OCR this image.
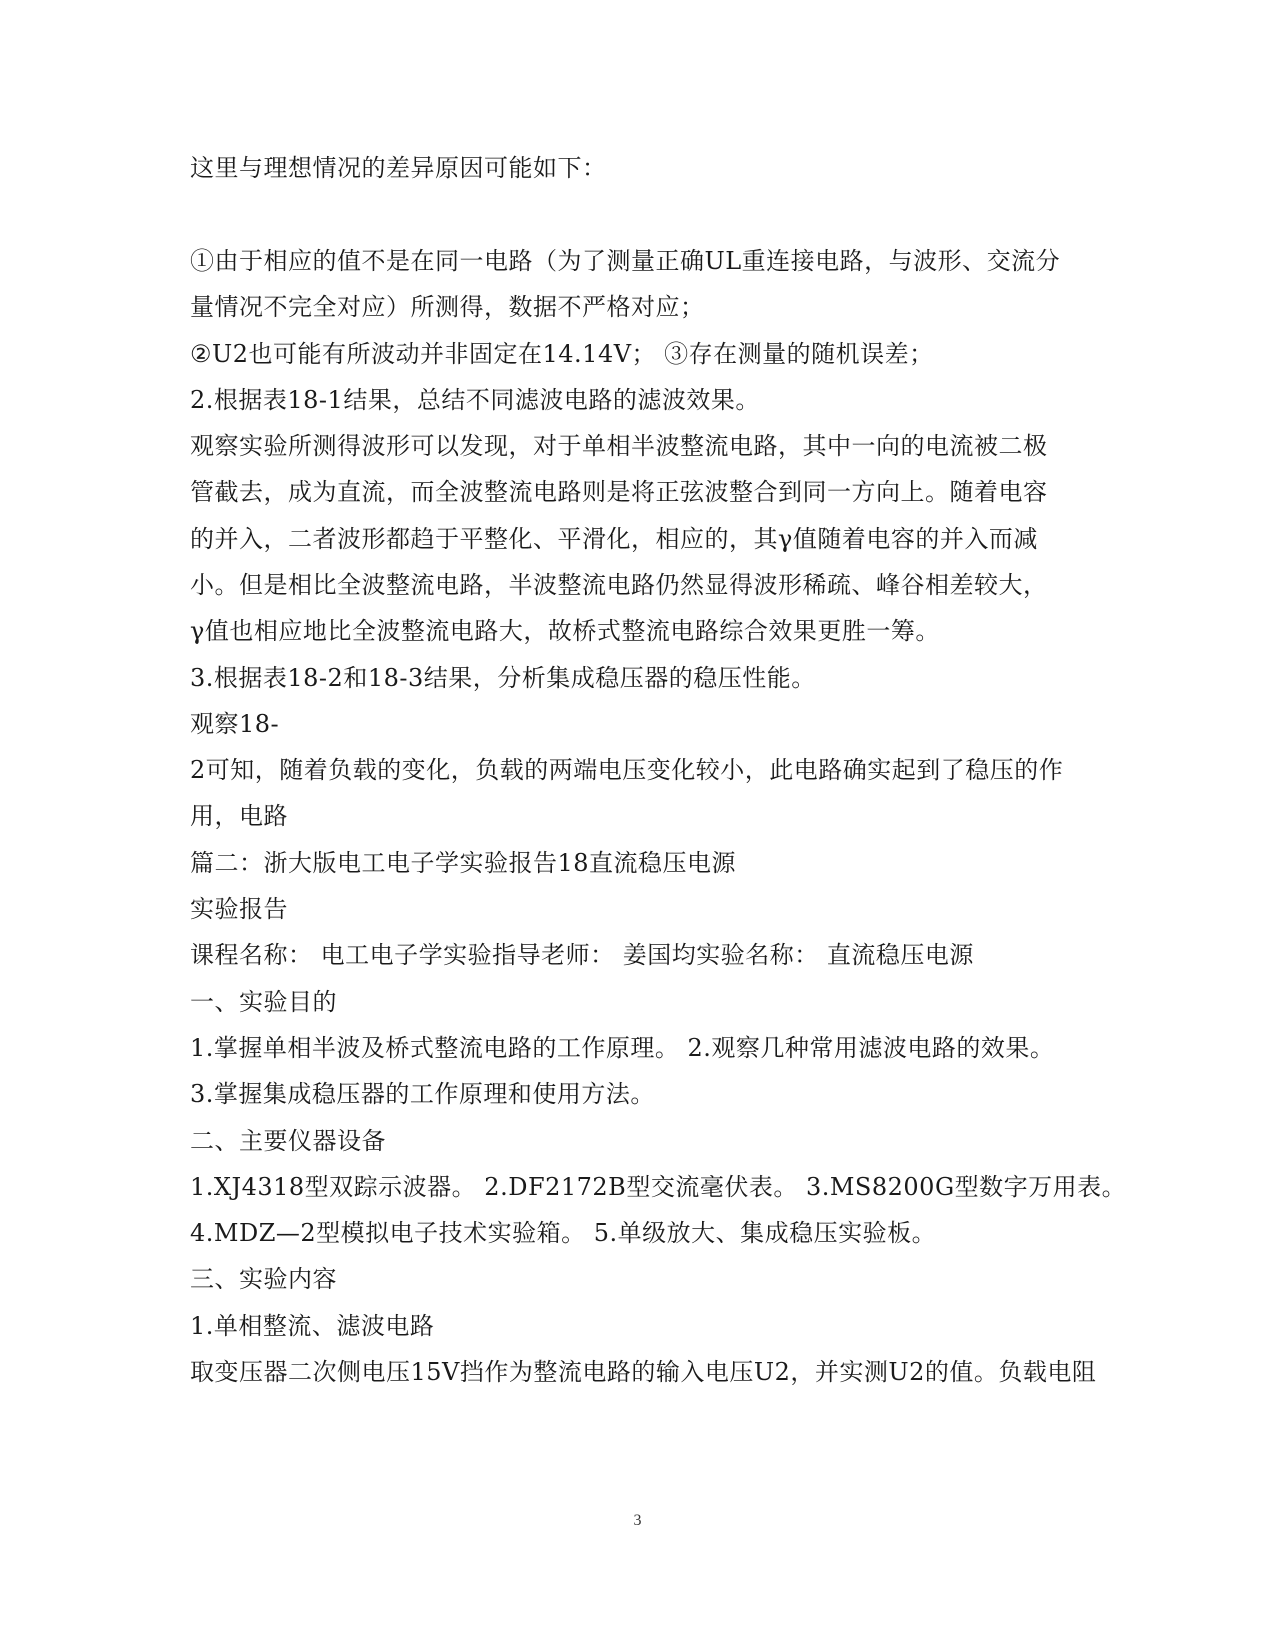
这里与理想情况的差异原因可能如下：
①由于相应的值不是在同一电路（为了测量正确UL重连接电路，与波形、交流分
量情况不完全对应）所测得，数据不严格对应；
②U2也可能有所波动并非固定在14.14V； ③存在测量的随机误差；
2.根据表18-1结果，总结不同滤波电路的滤波效果。
观察实验所测得波形可以发现，对于单相半波整流电路，其中一向的电流被二极
管截去，成为直流，而全波整流电路则是将正弦波整合到同一方向上。随着电容
的并入，二者波形都趋于平整化、平滑化，相应的，其γ值随着电容的并入而减
小。但是相比全波整流电路，半波整流电路仍然显得波形稀疏、峰谷相差较大，
γ值也相应地比全波整流电路大，故桥式整流电路综合效果更胜一筹。
3.根据表18-2和18-3结果，分析集成稳压器的稳压性能。
观察18-
2可知，随着负载的变化，负载的两端电压变化较小，此电路确实起到了稳压的作
用，电路
篇二：浙大版电工电子学实验报告18直流稳压电源
实验报告
课程名称： 电工电子学实验指导老师： 姜国均实验名称： 直流稳压电源
一、实验目的
1.掌握单相半波及桥式整流电路的工作原理。 2.观察几种常用滤波电路的效果。
3.掌握集成稳压器的工作原理和使用方法。
二、主要仪器设备
1.XJ4318型双踪示波器。 2.DF2172B型交流毫伏表。 3.MS8200G型数字万用表。
4.MDZ—2型模拟电子技术实验箱。 5.单级放大、集成稳压实验板。
三、实验内容
1.单相整流、滤波电路
取变压器二次侧电压15V挡作为整流电路的输入电压U2，并实测U2的值。负载电阻
3
